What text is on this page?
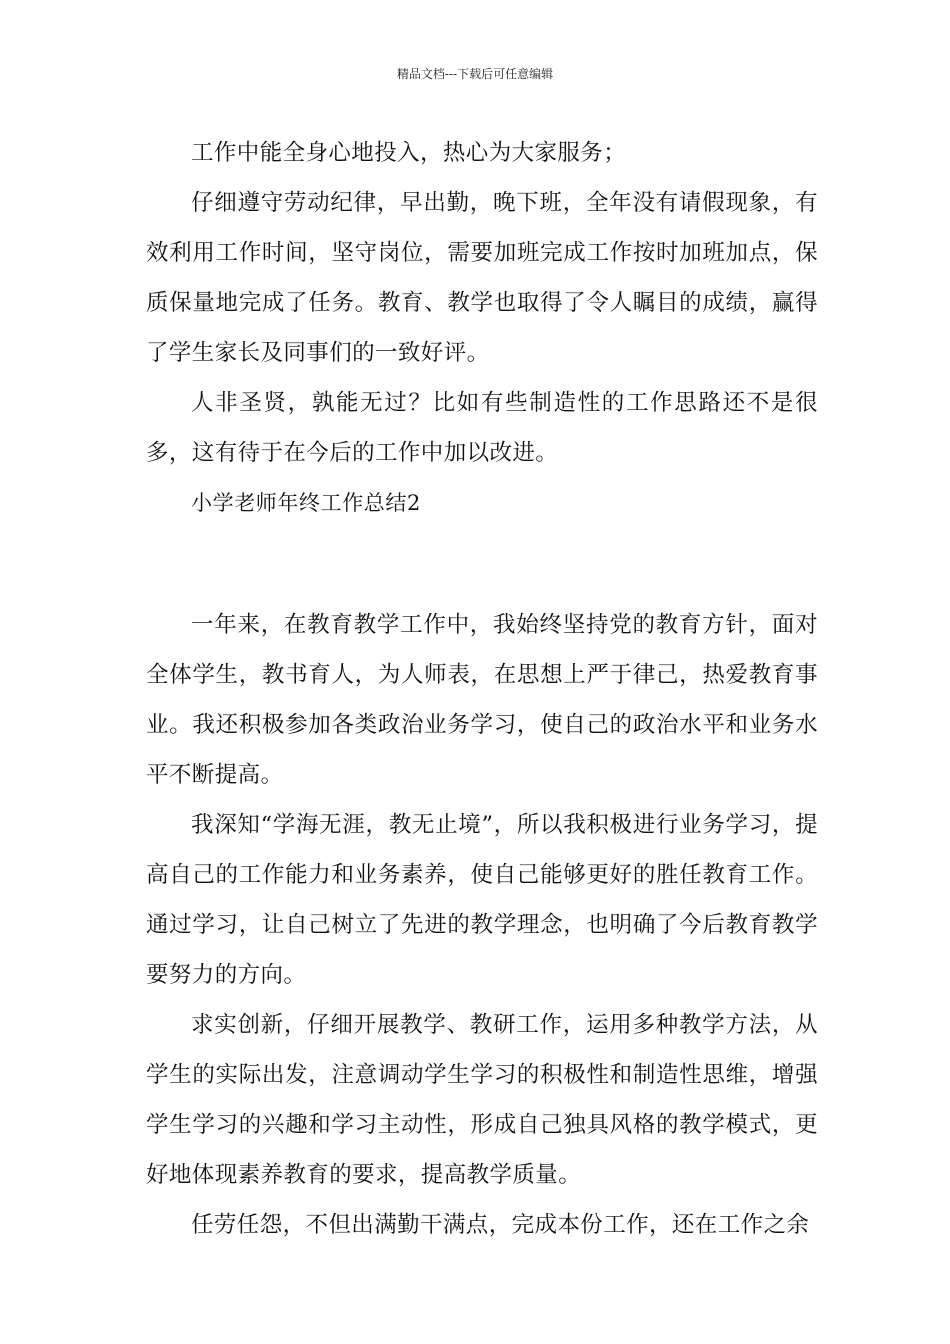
精品文档---下载后可任意编辑

工作中能全身心地投入，热心为大家服务；

仔细遵守劳动纪律，早出勤，晚下班，全年没有请假现象，有效利用工作时间，坚守岗位，需要加班完成工作按时加班加点，保质保量地完成了任务。教育、教学也取得了令人瞩目的成绩，赢得了学生家长及同事们的一致好评。

人非圣贤，孰能无过？比如有些制造性的工作思路还不是很多，这有待于在今后的工作中加以改进。

小学老师年终工作总结2

一年来，在教育教学工作中，我始终坚持党的教育方针，面对全体学生，教书育人，为人师表，在思想上严于律己，热爱教育事业。我还积极参加各类政治业务学习，使自己的政治水平和业务水平不断提高。

我深知“学海无涯，教无止境”，所以我积极进行业务学习，提高自己的工作能力和业务素养，使自己能够更好的胜任教育工作。通过学习，让自己树立了先进的教学理念，也明确了今后教育教学要努力的方向。

求实创新，仔细开展教学、教研工作，运用多种教学方法，从学生的实际出发，注意调动学生学习的积极性和制造性思维，增强学生学习的兴趣和学习主动性，形成自己独具风格的教学模式，更好地体现素养教育的要求，提高教学质量。

任劳任怨，不但出满勤干满点，完成本份工作，还在工作之余
